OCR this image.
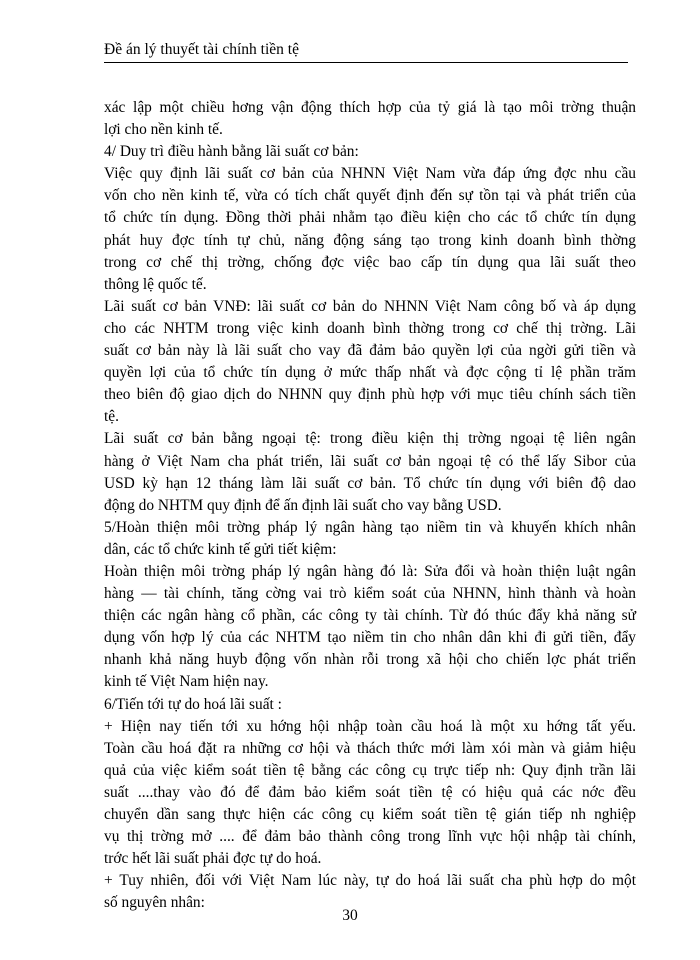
Đề án lý thuyết tài chính tiền tệ
xác lập một chiều hơng vận động thích hợp của tỷ giá là tạo môi trờng thuận
lợi cho nền kinh tế.
4/ Duy trì điều hành bằng lãi suất cơ bản:
Việc quy định lãi suất cơ bản của NHNN Việt Nam vừa đáp ứng đợc nhu cầu
vốn cho nền kinh tế, vừa có tích chất quyết định đến sự tồn tại và phát triển của
tổ chức tín dụng. Đồng thời phải nhằm tạo điều kiện cho các tổ chức tín dụng
phát huy đợc tính tự chủ, năng động sáng tạo trong kinh doanh bình thờng
trong cơ chế thị trờng, chống đợc việc bao cấp tín dụng qua lãi suất theo
thông lệ quốc tế.
Lãi suất cơ bản VNĐ: lãi suất cơ bản do NHNN Việt Nam công bố và áp dụng
cho các NHTM trong việc kinh doanh bình thờng trong cơ chế thị trờng. Lãi
suất cơ bản này là lãi suất cho vay đã đảm bảo quyền lợi của ngời gửi tiền và
quyền lợi của tổ chức tín dụng ở mức thấp nhất và đợc cộng tỉ lệ phần trăm
theo biên độ giao dịch do NHNN quy định phù hợp với mục tiêu chính sách tiền
tệ.
Lãi suất cơ bản bằng ngoại tệ: trong điều kiện thị trờng ngoại tệ liên ngân
hàng ở Việt Nam cha phát triển, lãi suất cơ bản ngoại tệ có thể lấy Sibor của
USD kỳ hạn 12 tháng làm lãi suất cơ bản. Tổ chức tín dụng với biên độ dao
động do NHTM quy định để ấn định lãi suất cho vay bằng USD.
5/Hoàn thiện môi trờng pháp lý ngân hàng tạo niềm tin và khuyến khích nhân
dân, các tổ chức kinh tế gửi tiết kiệm:
Hoàn thiện môi trờng pháp lý ngân hàng đó là: Sửa đổi và hoàn thiện luật ngân
hàng — tài chính, tăng cờng vai trò kiểm soát của NHNN, hình thành và hoàn
thiện các ngân hàng cổ phần, các công ty tài chính. Từ đó thúc đẩy khả năng sử
dụng vốn hợp lý của các NHTM tạo niềm tin cho nhân dân khi đi gửi tiền, đẩy
nhanh khả năng huyb động vốn nhàn rỗi trong xã hội cho chiến lợc phát triển
kinh tế Việt Nam hiện nay.
6/Tiến tới tự do hoá lãi suất :
+ Hiện nay tiến tới xu hớng hội nhập toàn cầu hoá là một xu hớng tất yếu.
Toàn cầu hoá đặt ra những cơ hội và thách thức mới làm xói màn và giảm hiệu
quả của việc kiểm soát tiền tệ bằng các công cụ trực tiếp nh: Quy định trần lãi
suất ....thay vào đó để đảm bảo kiểm soát tiền tệ có hiệu quả các nớc đều
chuyển dần sang thực hiện các công cụ kiểm soát tiền tệ gián tiếp nh nghiệp
vụ thị trờng mở .... để đảm bảo thành công trong lĩnh vực hội nhập tài chính,
trớc hết lãi suất phải đợc tự do hoá.
+ Tuy nhiên, đối với Việt Nam lúc này, tự do hoá lãi suất cha phù hợp do một
số nguyên nhân:
30
